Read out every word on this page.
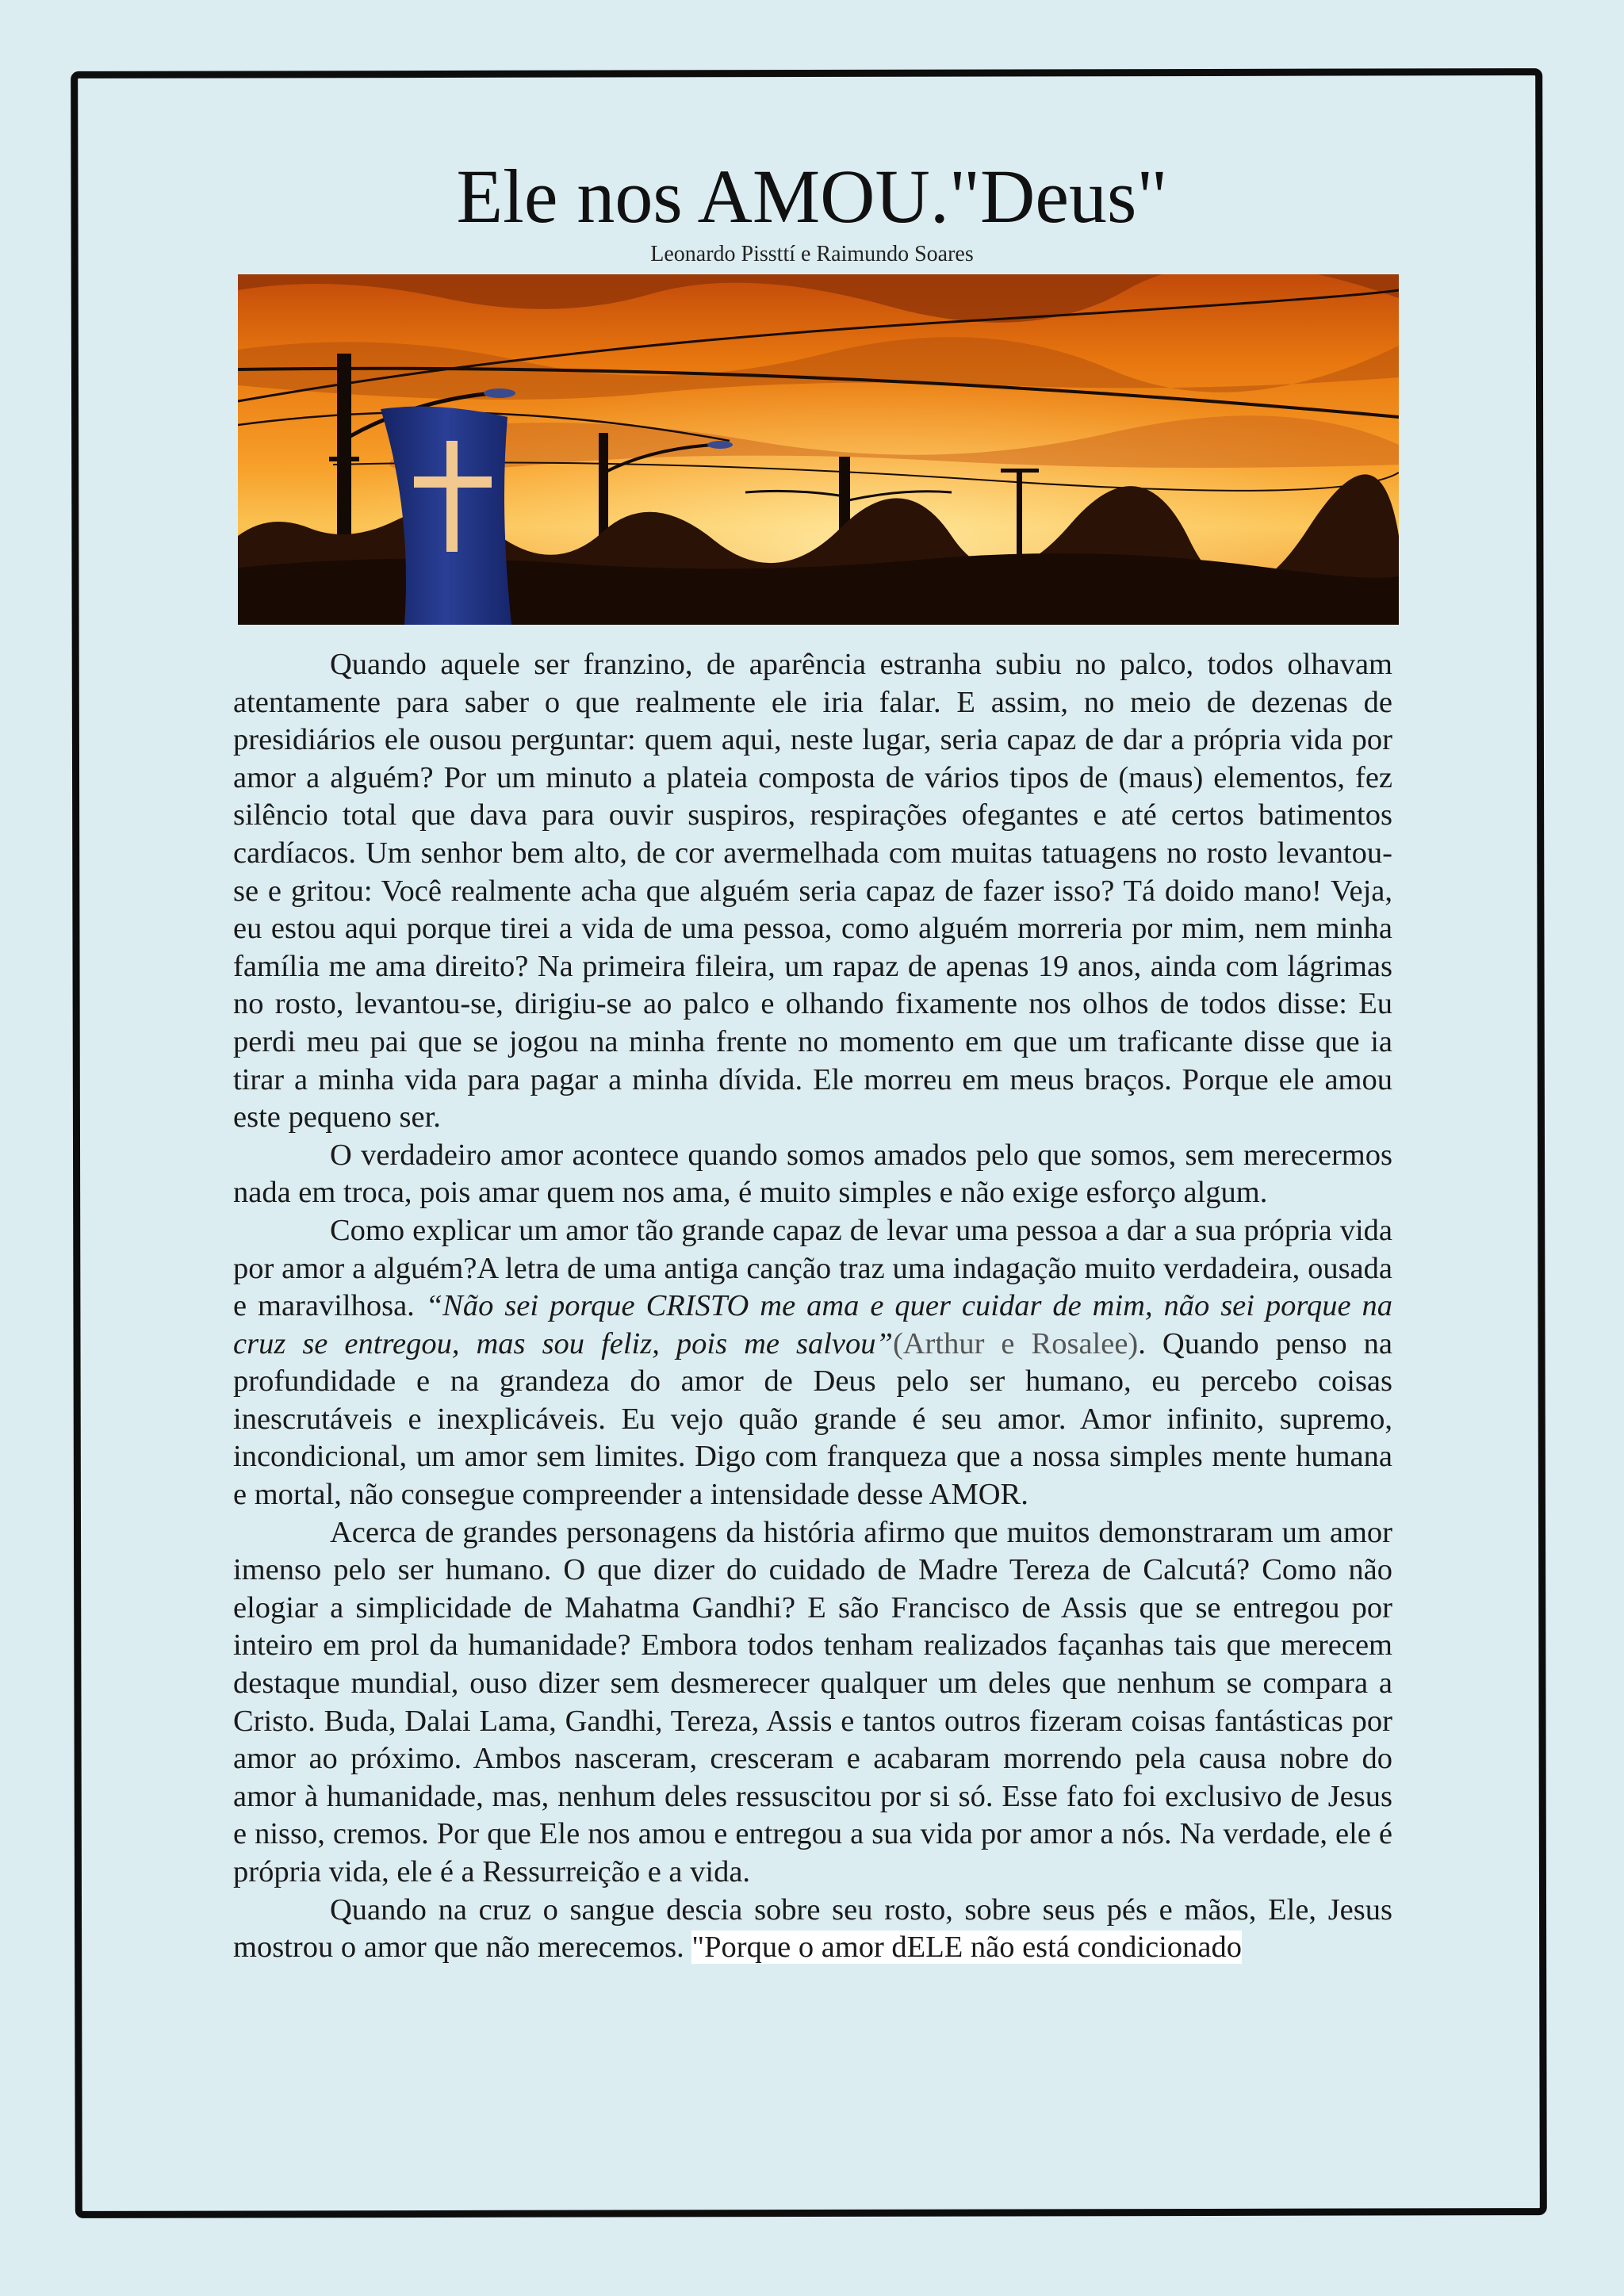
Ele nos AMOU."Deus"
Leonardo Pissttí e Raimundo Soares

Quando aquele ser franzino, de aparência estranha subiu no palco, todos olhavam atentamente para saber o que realmente ele iria falar. E assim, no meio de dezenas de presidiários ele ousou perguntar: quem aqui, neste lugar, seria capaz de dar a própria vida por amor a alguém? Por um minuto a plateia composta de vários tipos de (maus) elementos, fez silêncio total que dava para ouvir suspiros, respirações ofegantes e até certos batimentos cardíacos. Um senhor bem alto, de cor avermelhada com muitas tatuagens no rosto levantou-se e gritou: Você realmente acha que alguém seria capaz de fazer isso? Tá doido mano! Veja, eu estou aqui porque tirei a vida de uma pessoa, como alguém morreria por mim, nem minha família me ama direito? Na primeira fileira, um rapaz de apenas 19 anos, ainda com lágrimas no rosto, levantou-se, dirigiu-se ao palco e olhando fixamente nos olhos de todos disse: Eu perdi meu pai que se jogou na minha frente no momento em que um traficante disse que ia tirar a minha vida para pagar a minha dívida. Ele morreu em meus braços. Porque ele amou este pequeno ser.

O verdadeiro amor acontece quando somos amados pelo que somos, sem merecermos nada em troca, pois amar quem nos ama, é muito simples e não exige esforço algum.

Como explicar um amor tão grande capaz de levar uma pessoa a dar a sua própria vida por amor a alguém?A letra de uma antiga canção traz uma indagação muito verdadeira, ousada e maravilhosa. “Não sei porque CRISTO me ama e quer cuidar de mim, não sei porque na cruz se entregou, mas sou feliz, pois me salvou”(Arthur e Rosalee). Quando penso na profundidade e na grandeza do amor de Deus pelo ser humano, eu percebo coisas inescrutáveis e inexplicáveis. Eu vejo quão grande é seu amor. Amor infinito, supremo, incondicional, um amor sem limites. Digo com franqueza que a nossa simples mente humana e mortal, não consegue compreender a intensidade desse AMOR.

Acerca de grandes personagens da história afirmo que muitos demonstraram um amor imenso pelo ser humano. O que dizer do cuidado de Madre Tereza de Calcutá? Como não elogiar a simplicidade de Mahatma Gandhi? E são Francisco de Assis que se entregou por inteiro em prol da humanidade? Embora todos tenham realizados façanhas tais que merecem destaque mundial, ouso dizer sem desmerecer qualquer um deles que nenhum se compara a Cristo. Buda, Dalai Lama, Gandhi, Tereza, Assis e tantos outros fizeram coisas fantásticas por amor ao próximo. Ambos nasceram, cresceram e acabaram morrendo pela causa nobre do amor à humanidade, mas, nenhum deles ressuscitou por si só. Esse fato foi exclusivo de Jesus e nisso, cremos. Por que Ele nos amou e entregou a sua vida por amor a nós. Na verdade, ele é própria vida, ele é a Ressurreição e a vida.

Quando na cruz o sangue descia sobre seu rosto, sobre seus pés e mãos, Ele, Jesus mostrou o amor que não merecemos. "Porque o amor dELE não está condicionado
